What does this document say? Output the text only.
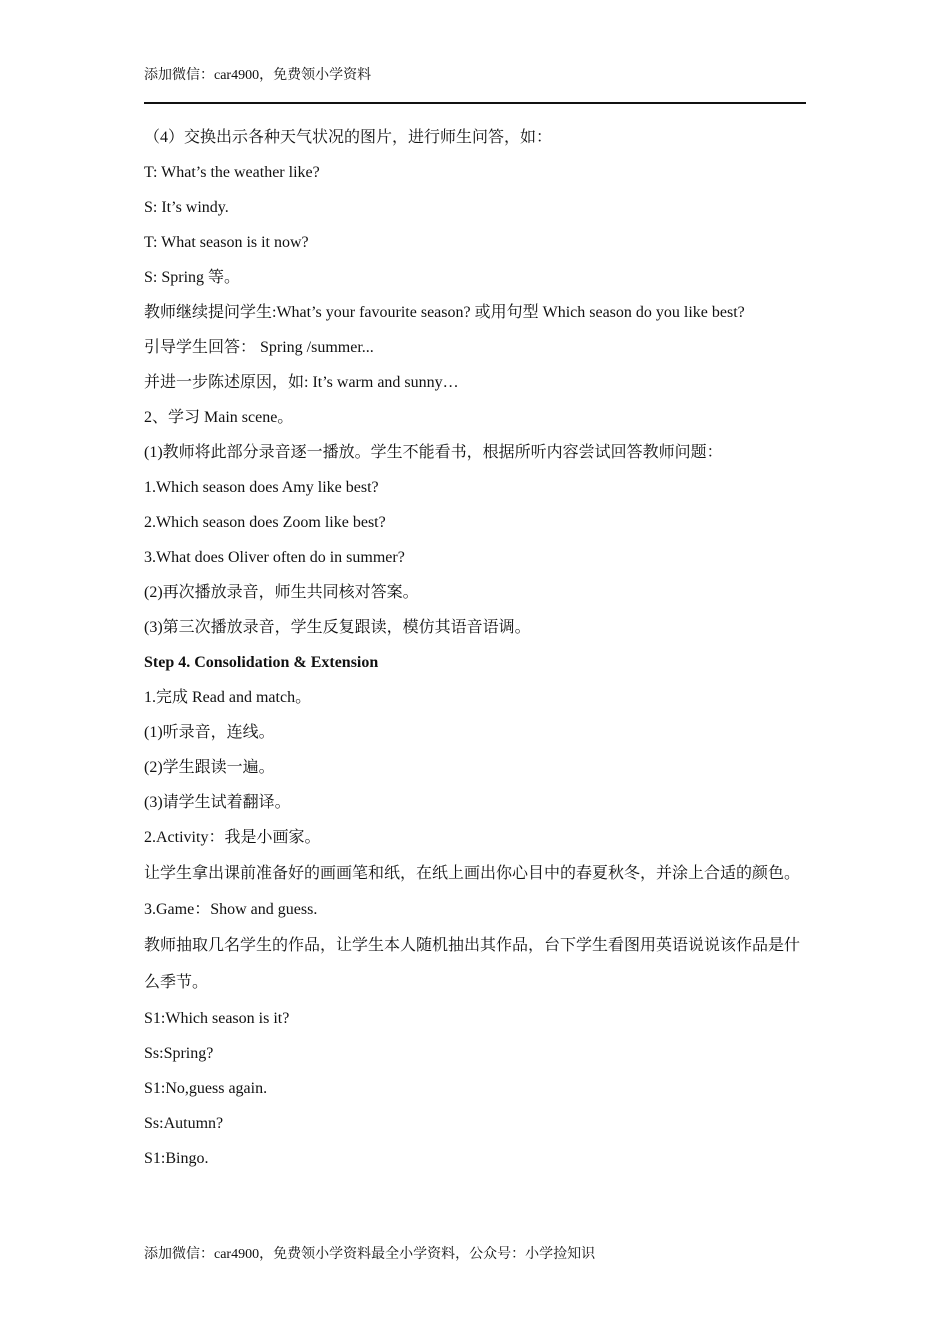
添加微信：car4900，免费领小学资料
（4）交换出示各种天气状况的图片，进行师生问答，如：
T: What’s the weather like?
S: It’s windy.
T: What season is it now?
S: Spring 等。
教师继续提问学生:What’s your favourite season? 或用句型 Which season do you like best?
引导学生回答： Spring /summer...
并进一步陈述原因，如: It’s warm and sunny…
2、学习 Main scene。
(1)教师将此部分录音逐一播放。学生不能看书，根据所听内容尝试回答教师问题：
1.Which season does Amy like best?
2.Which season does Zoom like best?
3.What does Oliver often do in summer?
(2)再次播放录音，师生共同核对答案。
(3)第三次播放录音，学生反复跟读，模仿其语音语调。
Step 4. Consolidation & Extension
1.完成 Read and match。
(1)听录音，连线。
(2)学生跟读一遍。
(3)请学生试着翻译。
2.Activity：我是小画家。
让学生拿出课前准备好的画画笔和纸，在纸上画出你心目中的春夏秋冬，并涂上合适的颜色。
3.Game：Show and guess.
教师抽取几名学生的作品，让学生本人随机抽出其作品，台下学生看图用英语说说该作品是什么季节。
S1:Which season is it?
Ss:Spring?
S1:No,guess again.
Ss:Autumn?
S1:Bingo.
添加微信：car4900，免费领小学资料最全小学资料，公众号：小学捡知识
